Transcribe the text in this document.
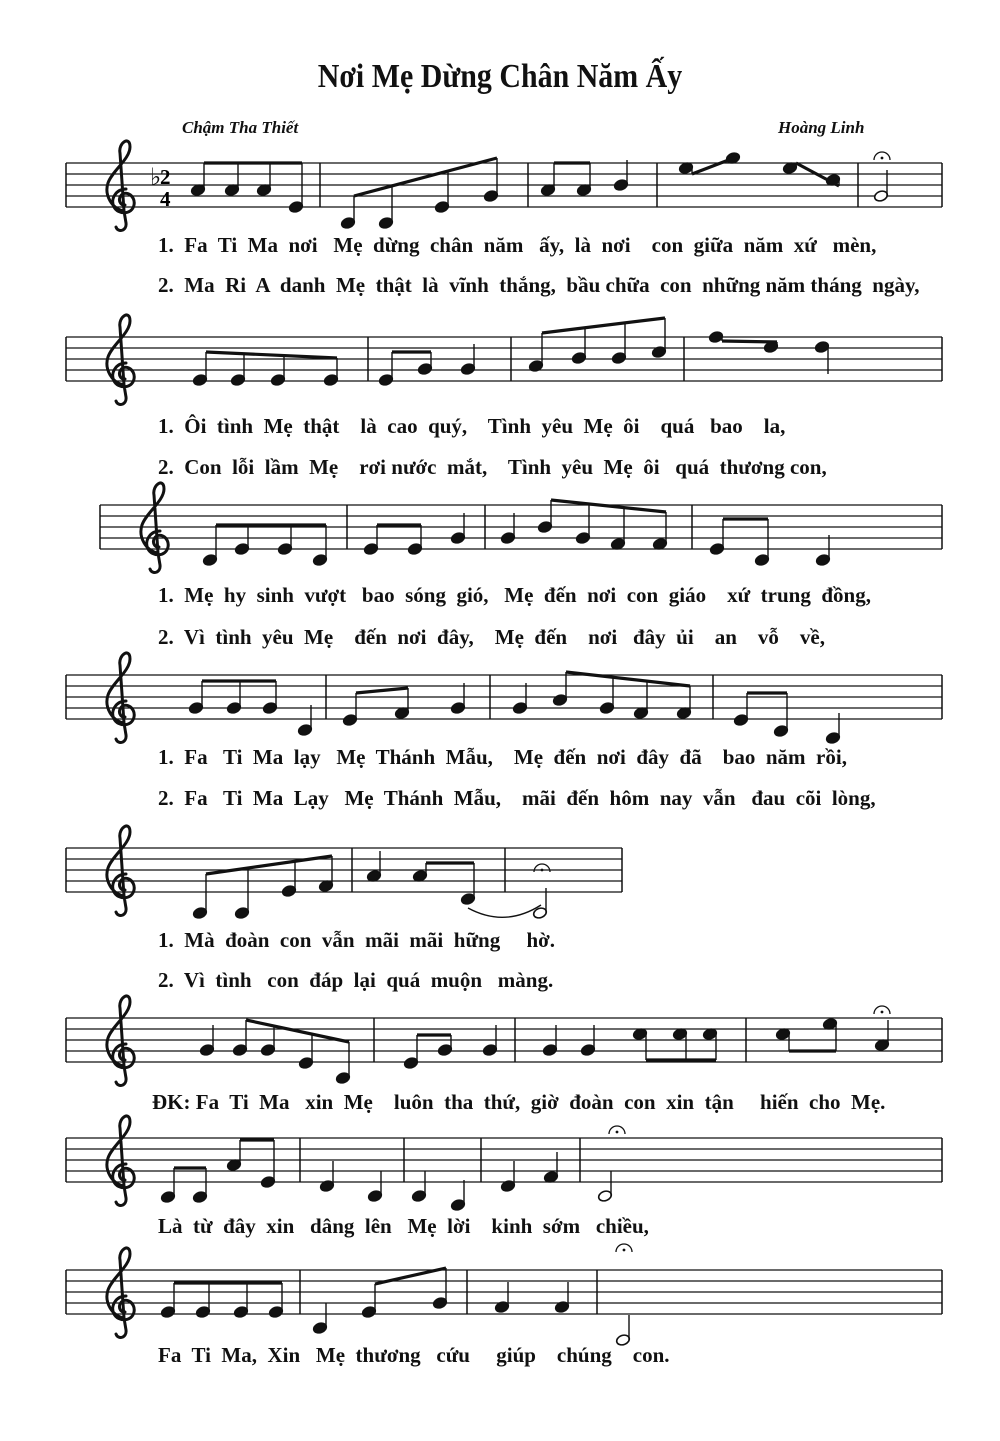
Nơi Mẹ Dừng Chân Năm Ấy
Chậm Tha Thiết	Hoàng Linh
♭
2
4
1.  Fa  Ti  Ma  nơi   Mẹ  dừng  chân  năm   ấy,  là  nơi    con  giữa  năm  xứ   mèn,
2.  Ma  Ri  A  danh  Mẹ  thật  là  vĩnh  thắng,  bầu chữa  con  những năm tháng  ngày,
1.  Ôi  tình  Mẹ  thật    là  cao  quý,    Tình  yêu  Mẹ  ôi    quá   bao    la,
2.  Con  lỗi  lầm  Mẹ    rơi nước  mắt,    Tình  yêu  Mẹ  ôi   quá  thương con,
1.  Mẹ  hy  sinh  vượt   bao  sóng  gió,   Mẹ  đến  nơi  con  giáo    xứ  trung  đồng,
2.  Vì  tình  yêu  Mẹ    đến  nơi  đây,    Mẹ  đến    nơi   đây  ủi    an    vỗ    về,
1.  Fa   Ti  Ma  lạy   Mẹ  Thánh  Mẫu,    Mẹ  đến  nơi  đây  đã    bao  năm  rồi,
2.  Fa   Ti  Ma  Lạy   Mẹ  Thánh  Mẫu,    mãi  đến  hôm  nay  vẫn   đau  cõi  lòng,
1.  Mà  đoàn  con  vẫn  mãi  mãi  hững     hờ.
2.  Vì  tình   con  đáp  lại  quá  muộn   màng.
ĐK: Fa  Ti  Ma   xin  Mẹ    luôn  tha  thứ,  giờ  đoàn  con  xin  tận     hiến  cho  Mẹ.
Là  từ  đây  xin   dâng  lên   Mẹ  lời    kinh  sớm   chiều,
Fa  Ti  Ma,  Xin   Mẹ  thương   cứu     giúp    chúng    con.
